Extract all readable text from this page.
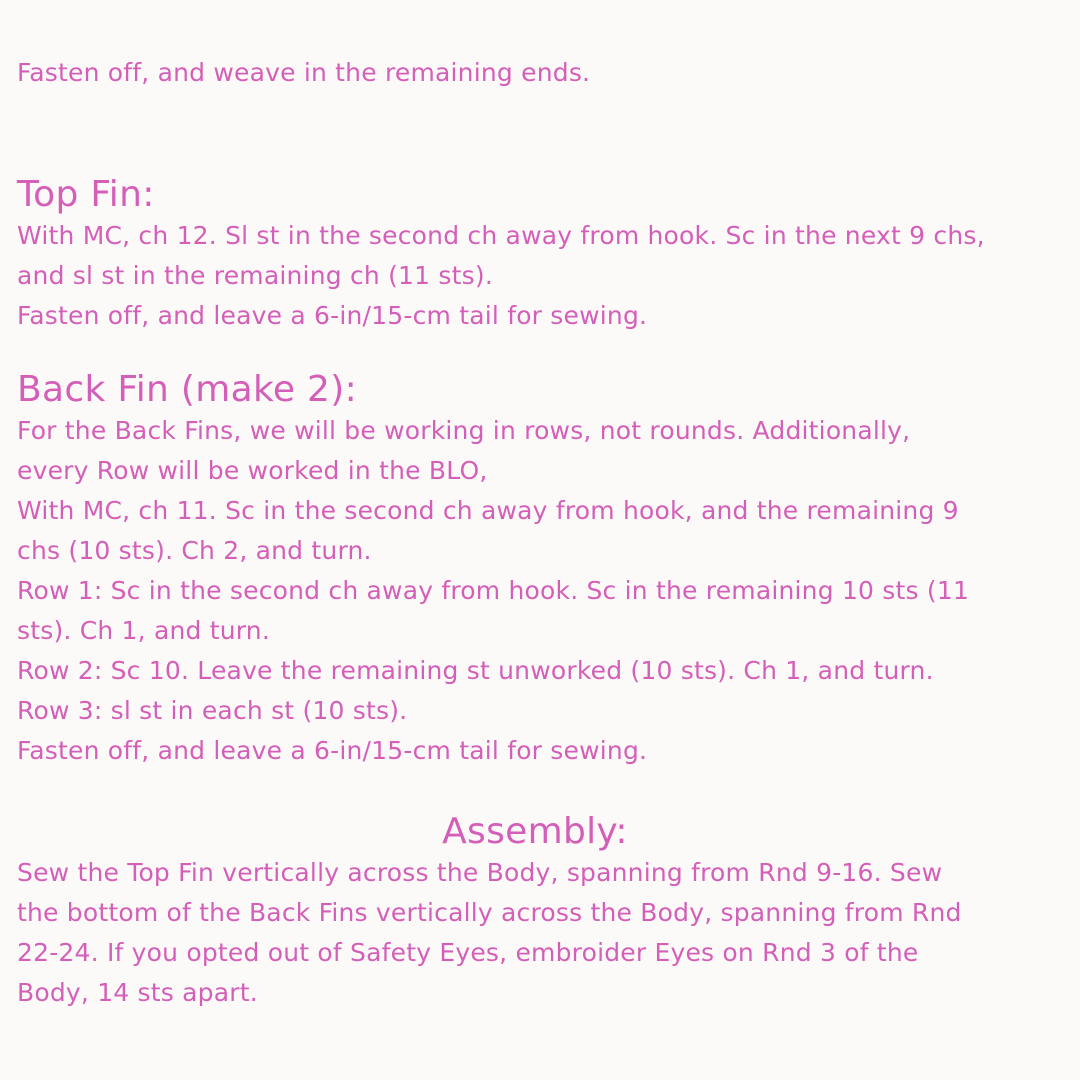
Fasten off, and weave in the remaining ends.

Top Fin:

With MC, ch 12. Sl st in the second ch away from hook. Sc in the next 9 chs,

and sl st in the remaining ch (11 sts).

Fasten off, and leave a 6-in/15-cm tail for sewing.

Back Fin (make 2):

For the Back Fins, we will be working in rows, not rounds. Additionally,

every Row will be worked in the BLO,

With MC, ch 11. Sc in the second ch away from hook, and the remaining 9

chs (10 sts). Ch 2, and turn.

Row 1: Sc in the second ch away from hook. Sc in the remaining 10 sts (11

sts). Ch 1, and turn.

Row 2: Sc 10. Leave the remaining st unworked (10 sts). Ch 1, and turn.

Row 3: sl st in each st (10 sts).

Fasten off, and leave a 6-in/15-cm tail for sewing.

Assembly:

Sew the Top Fin vertically across the Body, spanning from Rnd 9-16. Sew

the bottom of the Back Fins vertically across the Body, spanning from Rnd

22-24. If you opted out of Safety Eyes, embroider Eyes on Rnd 3 of the

Body, 14 sts apart.
